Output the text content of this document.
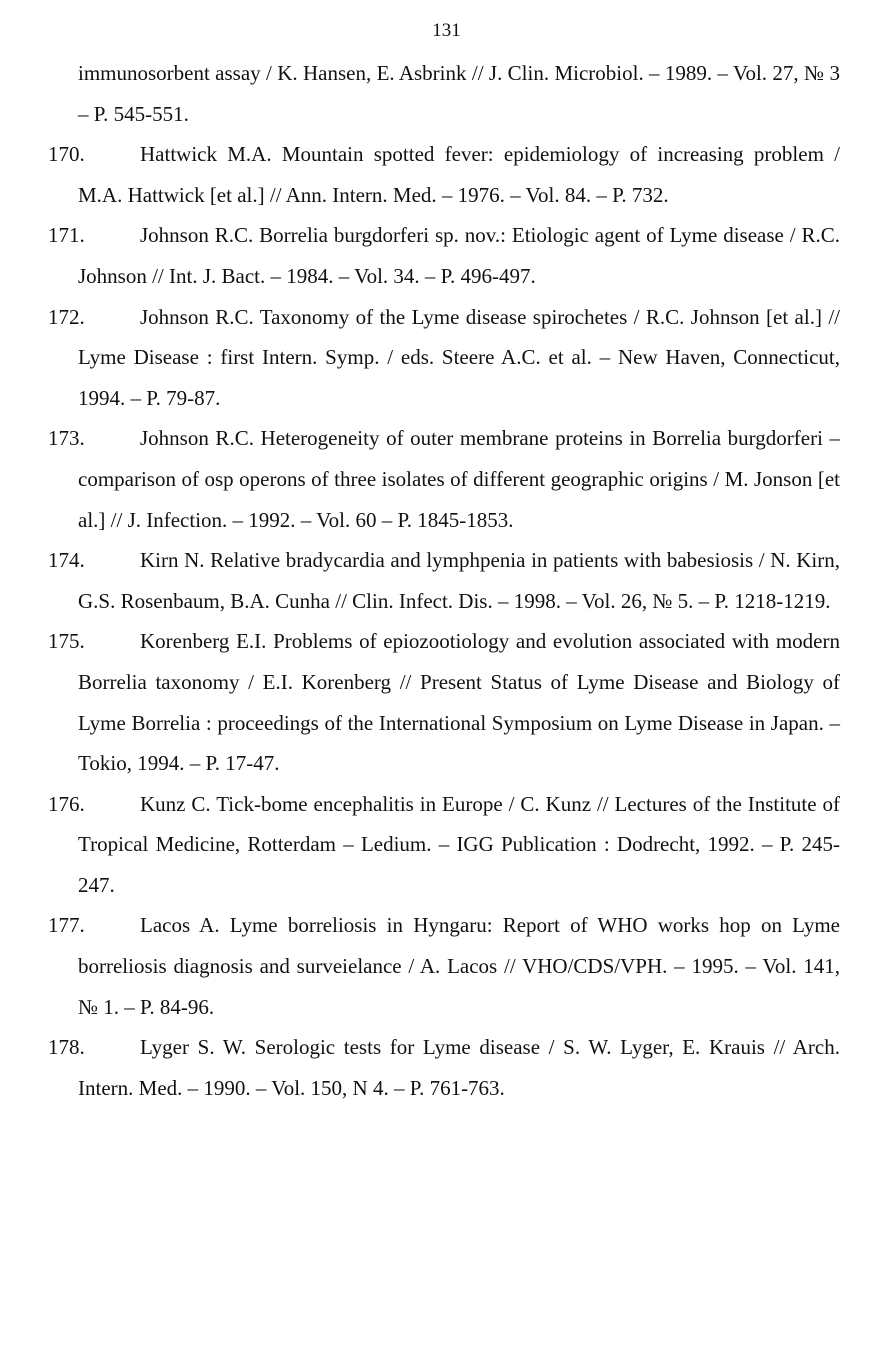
131

immunosorbent assay / K. Hansen, E. Asbrink // J. Clin. Microbiol. – 1989. – Vol. 27, № 3 – P. 545-551.

170.	Hattwick M.A. Mountain spotted fever: epidemiology of increasing problem / M.A. Hattwick [et al.] // Ann. Intern. Med. – 1976. – Vol. 84. – P. 732.

171.	Johnson R.C. Borrelia burgdorferi sp. nov.: Etiologic agent of Lyme disease / R.C. Johnson // Int. J. Bact. – 1984. – Vol. 34. – P. 496-497.

172.	Johnson R.C. Taxonomy of the Lyme disease spirochetes / R.C. Johnson [et al.] // Lyme Disease : first Intern. Symp. / eds. Steere A.C. et al. – New Haven, Connecticut, 1994. – P. 79-87.

173.	Johnson R.C. Heterogeneity of outer membrane proteins in Borrelia burgdorferi – comparison of osp operons of three isolates of different geographic origins / M. Jonson [et al.] // J. Infection. – 1992. – Vol. 60 – P. 1845-1853.

174.	Kirn N. Relative bradycardia and lymphpenia in patients with babesiosis / N. Kirn, G.S. Rosenbaum, B.A. Cunha // Clin. Infect. Dis. – 1998. – Vol. 26, № 5. – P. 1218-1219.

175.	Korenberg E.I. Problems of epiozootiology and evolution associated with modern Borrelia taxonomy / E.I. Korenberg // Present Status of Lyme Disease and Biology of Lyme Borrelia : proceedings of the International Symposium on Lyme Disease in Japan. – Tokio, 1994. – P. 17-47.

176.	Kunz C. Tick-bome encephalitis in Europe / C. Kunz // Lectures of the Institute of Tropical Medicine, Rotterdam – Ledium. – IGG Publication : Dodrecht, 1992. – P. 245-247.

177.	Lacos A. Lyme borreliosis in Hyngaru: Report of WHO works hop on Lyme borreliosis diagnosis and surveielance / A. Lacos // VHO/CDS/VPH. – 1995. – Vol. 141, № 1. – P. 84-96.

178.	Lyger S. W. Serologic tests for Lyme disease / S. W. Lyger, E. Krauis // Arch. Intern. Med. – 1990. – Vol. 150, N 4. – P. 761-763.
